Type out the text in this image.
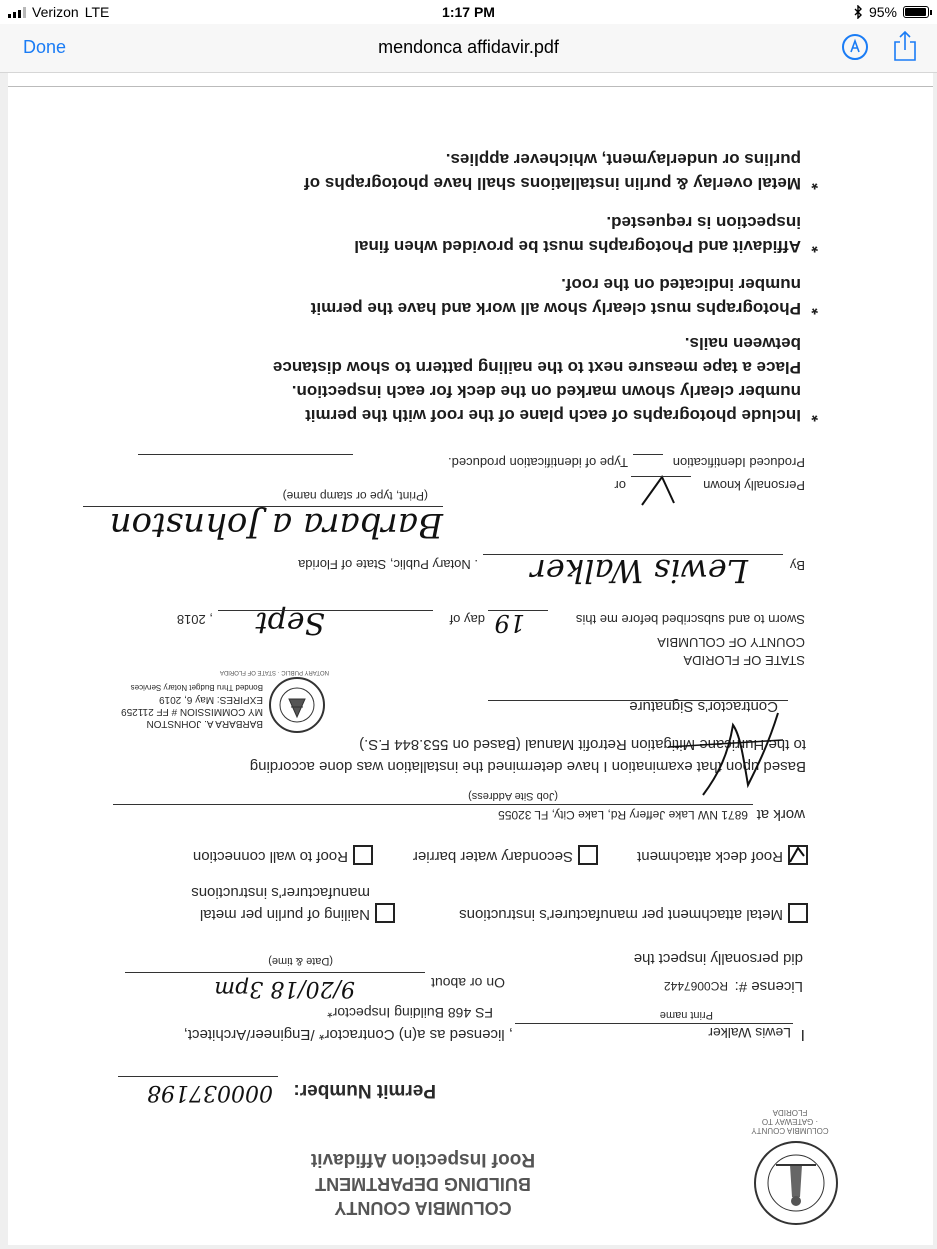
Verizon LTE	1:17 PM	95%
Done	mendonca affidavir.pdf
COLUMBIA COUNTY · GATEWAY TO FLORIDA
COLUMBIA COUNTY
BUILDING DEPARTMENT
Roof Inspection Affidavit
Permit Number:
000037198
I
Lewis Walker
, licensed as a(n) Contractor* /Engineer/Architect,
Print name
FS 468 Building Inspector*
License #:
RC0067442
On or about
9/20/18 3pm
did personally inspect the
(Date & time)
Metal attachment per manufacturer's instructions
Nailing of purlin per metal
manufacturer's instructions
Roof deck attachment
Secondary water barrier
Roof to wall connection
work at
6871 NW Lake Jeffery Rd, Lake City, FL 32055
(Job Site Address)
Based upon that examination I have determined the installation was done according
to the Hurricane Mitigation Retrofit Manual (Based on 553.844 F.S.)
Contractor's Signature
NOTARY PUBLIC · STATE OF FLORIDA
BARBARA A. JOHNSTON
MY COMMISSION # FF 211259
EXPIRES: May 6, 2019
Bonded Thru Budget Notary Services
STATE OF FLORIDA
COUNTY OF COLUMBIA
Sworn to and subscribed before me this
19
day of
Sept
, 2018
By
Lewis Walker
. Notary Public, State of Florida
Barbara a Johnston
(Print, type or stamp name)
Personally known
or
Produced Identification
Type of identification produced.
*
Include photographs of each plane of the roof with the permit
number clearly shown marked on the deck for each inspection.
Place a tape measure next to the nailing pattern to show distance
between nails.
*
Photographs must clearly show all work and have the permit
number indicated on the roof.
*
Affidavit and Photographs must be provided when final
inspection is requested.
*
Metal overlay & purlin installations shall have photographs of
purlins or underlayment, whichever applies.
